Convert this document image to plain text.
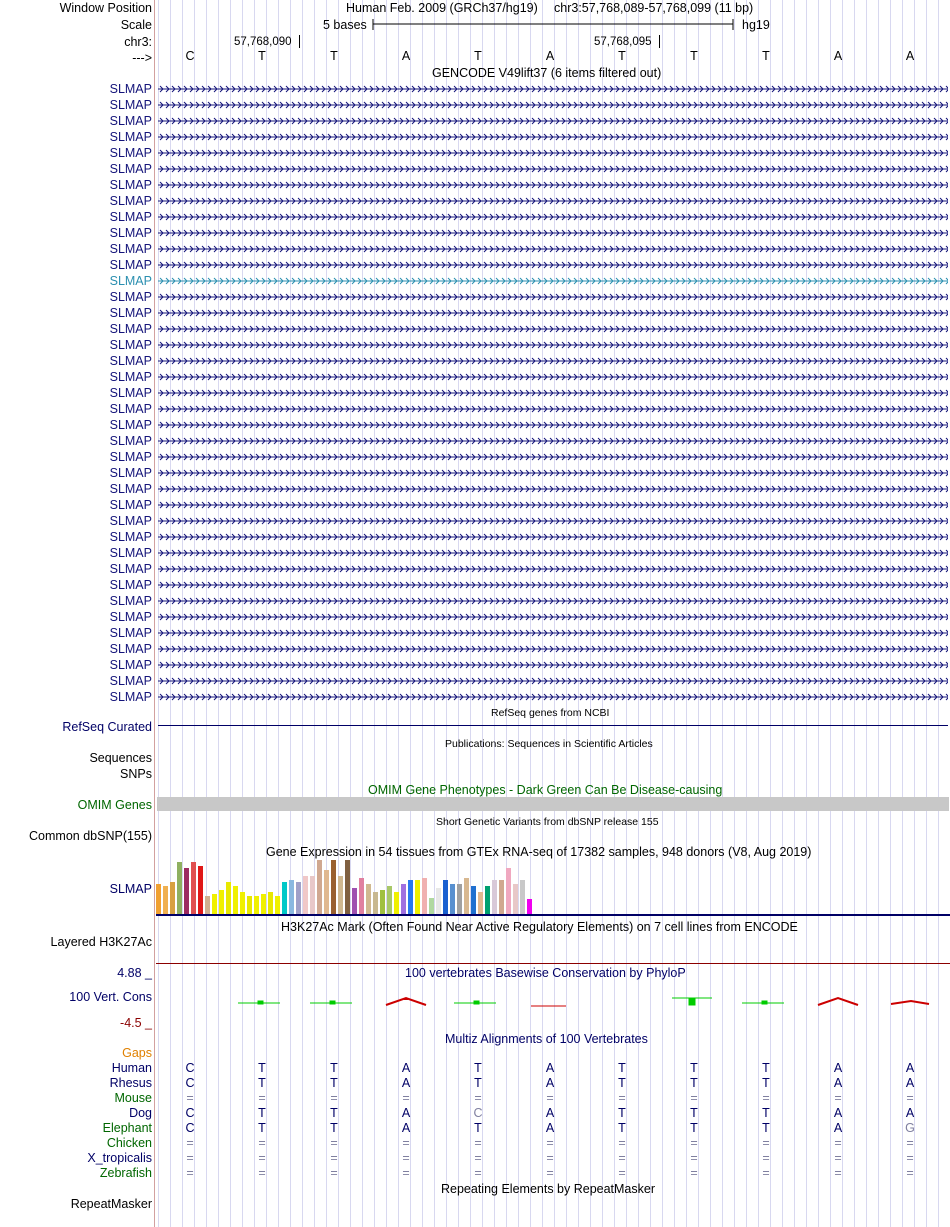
Window Position
Scale
chr3:
--->
Human Feb. 2009 (GRCh37/hg19) chr3:57,768,089-57,768,099 (11 bp)
5 bases	hg19
57,768,090	57,768,095
C	T	T	A	T	A	T	T	T	A	A
GENCODE V49lift37 (6 items filtered out)
SLMAP
SLMAP
SLMAP
SLMAP
SLMAP
SLMAP
SLMAP
SLMAP
SLMAP
SLMAP
SLMAP
SLMAP
SLMAP
SLMAP
SLMAP
SLMAP
SLMAP
SLMAP
SLMAP
SLMAP
SLMAP
SLMAP
SLMAP
SLMAP
SLMAP
SLMAP
SLMAP
SLMAP
SLMAP
SLMAP
SLMAP
SLMAP
SLMAP
SLMAP
SLMAP
SLMAP
SLMAP
SLMAP
SLMAP
RefSeq genes from NCBI
RefSeq Curated
Publications: Sequences in Scientific Articles
Sequences
SNPs
OMIM Gene Phenotypes - Dark Green Can Be Disease-causing
OMIM Genes
Short Genetic Variants from dbSNP release 155
Common dbSNP(155)
Gene Expression in 54 tissues from GTEx RNA-seq of 17382 samples, 948 donors (V8, Aug 2019)
SLMAP
H3K27Ac Mark (Often Found Near Active Regulatory Elements) on 7 cell lines from ENCODE
Layered H3K27Ac
100 vertebrates Basewise Conservation by PhyloP
4.88 _
100 Vert. Cons
-4.5 _
Multiz Alignments of 100 Vertebrates
Gaps
Human	C	T	T	A	T	A	T	T	T	A	A
Rhesus	C	T	T	A	T	A	T	T	T	A	A
Mouse	=	=	=	=	=	=	=	=	=	=	=
Dog	C	T	T	A	C	A	T	T	T	A	A
Elephant	C	T	T	A	T	A	T	T	T	A	G
Chicken	=	=	=	=	=	=	=	=	=	=	=
X_tropicalis	=	=	=	=	=	=	=	=	=	=	=
Zebrafish	=	=	=	=	=	=	=	=	=	=	=
Repeating Elements by RepeatMasker
RepeatMasker
